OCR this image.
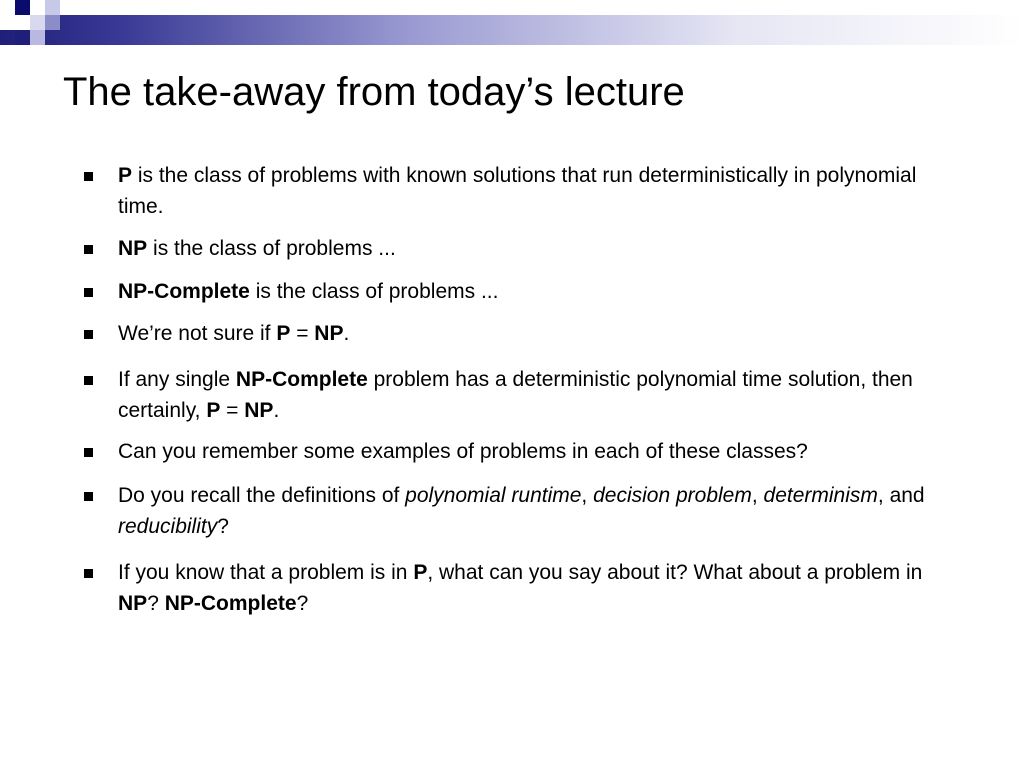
The take-away from today’s lecture
P is the class of problems with known solutions that run deterministically in polynomial time.
NP is the class of problems ...
NP-Complete is the class of problems ...
We’re not sure if P = NP.
If any single NP-Complete problem has a deterministic polynomial time solution, then certainly, P = NP.
Can you remember some examples of problems in each of these classes?
Do you recall the definitions of polynomial runtime, decision problem, determinism, and reducibility?
If you know that a problem is in P, what can you say about it? What about a problem in NP? NP-Complete?
